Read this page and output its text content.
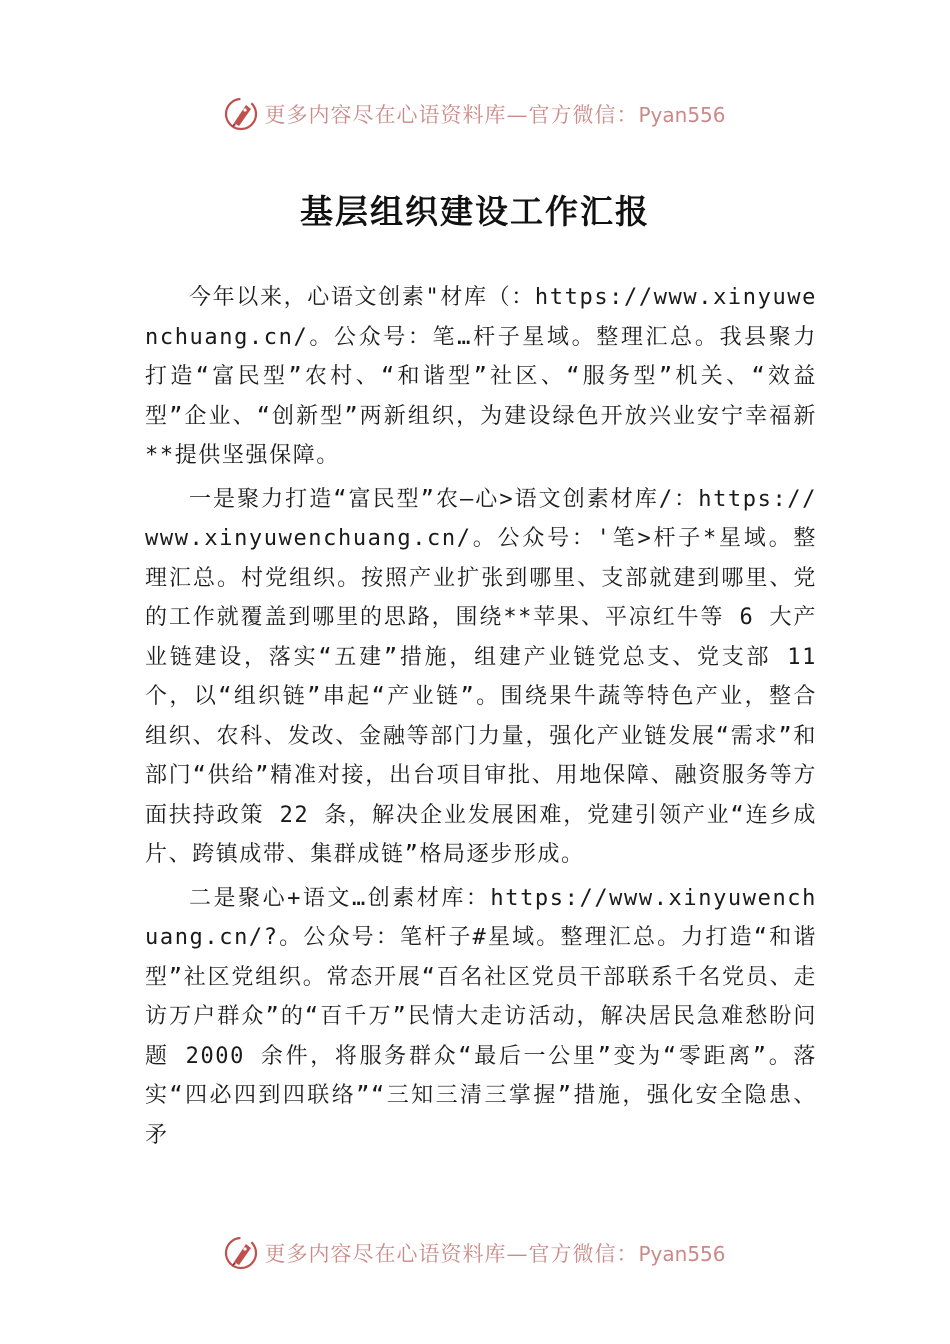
更多内容尽在心语资料库—官方微信：Pyan556
基层组织建设工作汇报

今年以来，心语文创素"材库（：https://www.xinyuwenchuang.cn/。公众号：笔…杆子星域。整理汇总。我县聚力打造“富民型”农村、“和谐型”社区、“服务型”机关、“效益型”企业、“创新型”两新组织，为建设绿色开放兴业安宁幸福新**提供坚强保障。

一是聚力打造“富民型”农—心>语文创素材库/：https://www.xinyuwenchuang.cn/。公众号：'笔>杆子*星域。整理汇总。村党组织。按照产业扩张到哪里、支部就建到哪里、党的工作就覆盖到哪里的思路，围绕**苹果、平凉红牛等 6 大产业链建设，落实“五建”措施，组建产业链党总支、党支部 11 个，以“组织链”串起“产业链”。围绕果牛蔬等特色产业，整合组织、农科、发改、金融等部门力量，强化产业链发展“需求”和部门“供给”精准对接，出台项目审批、用地保障、融资服务等方面扶持政策 22 条，解决企业发展困难，党建引领产业“连乡成片、跨镇成带、集群成链”格局逐步形成。

二是聚心+语文…创素材库：https://www.xinyuwenchuang.cn/?。公众号：笔杆子#星域。整理汇总。力打造“和谐型”社区党组织。常态开展“百名社区党员干部联系千名党员、走访万户群众”的“百千万”民情大走访活动，解决居民急难愁盼问题 2000 余件，将服务群众“最后一公里”变为“零距离”。落实“四必四到四联络”“三知三清三掌握”措施，强化安全隐患、矛

更多内容尽在心语资料库—官方微信：Pyan556
